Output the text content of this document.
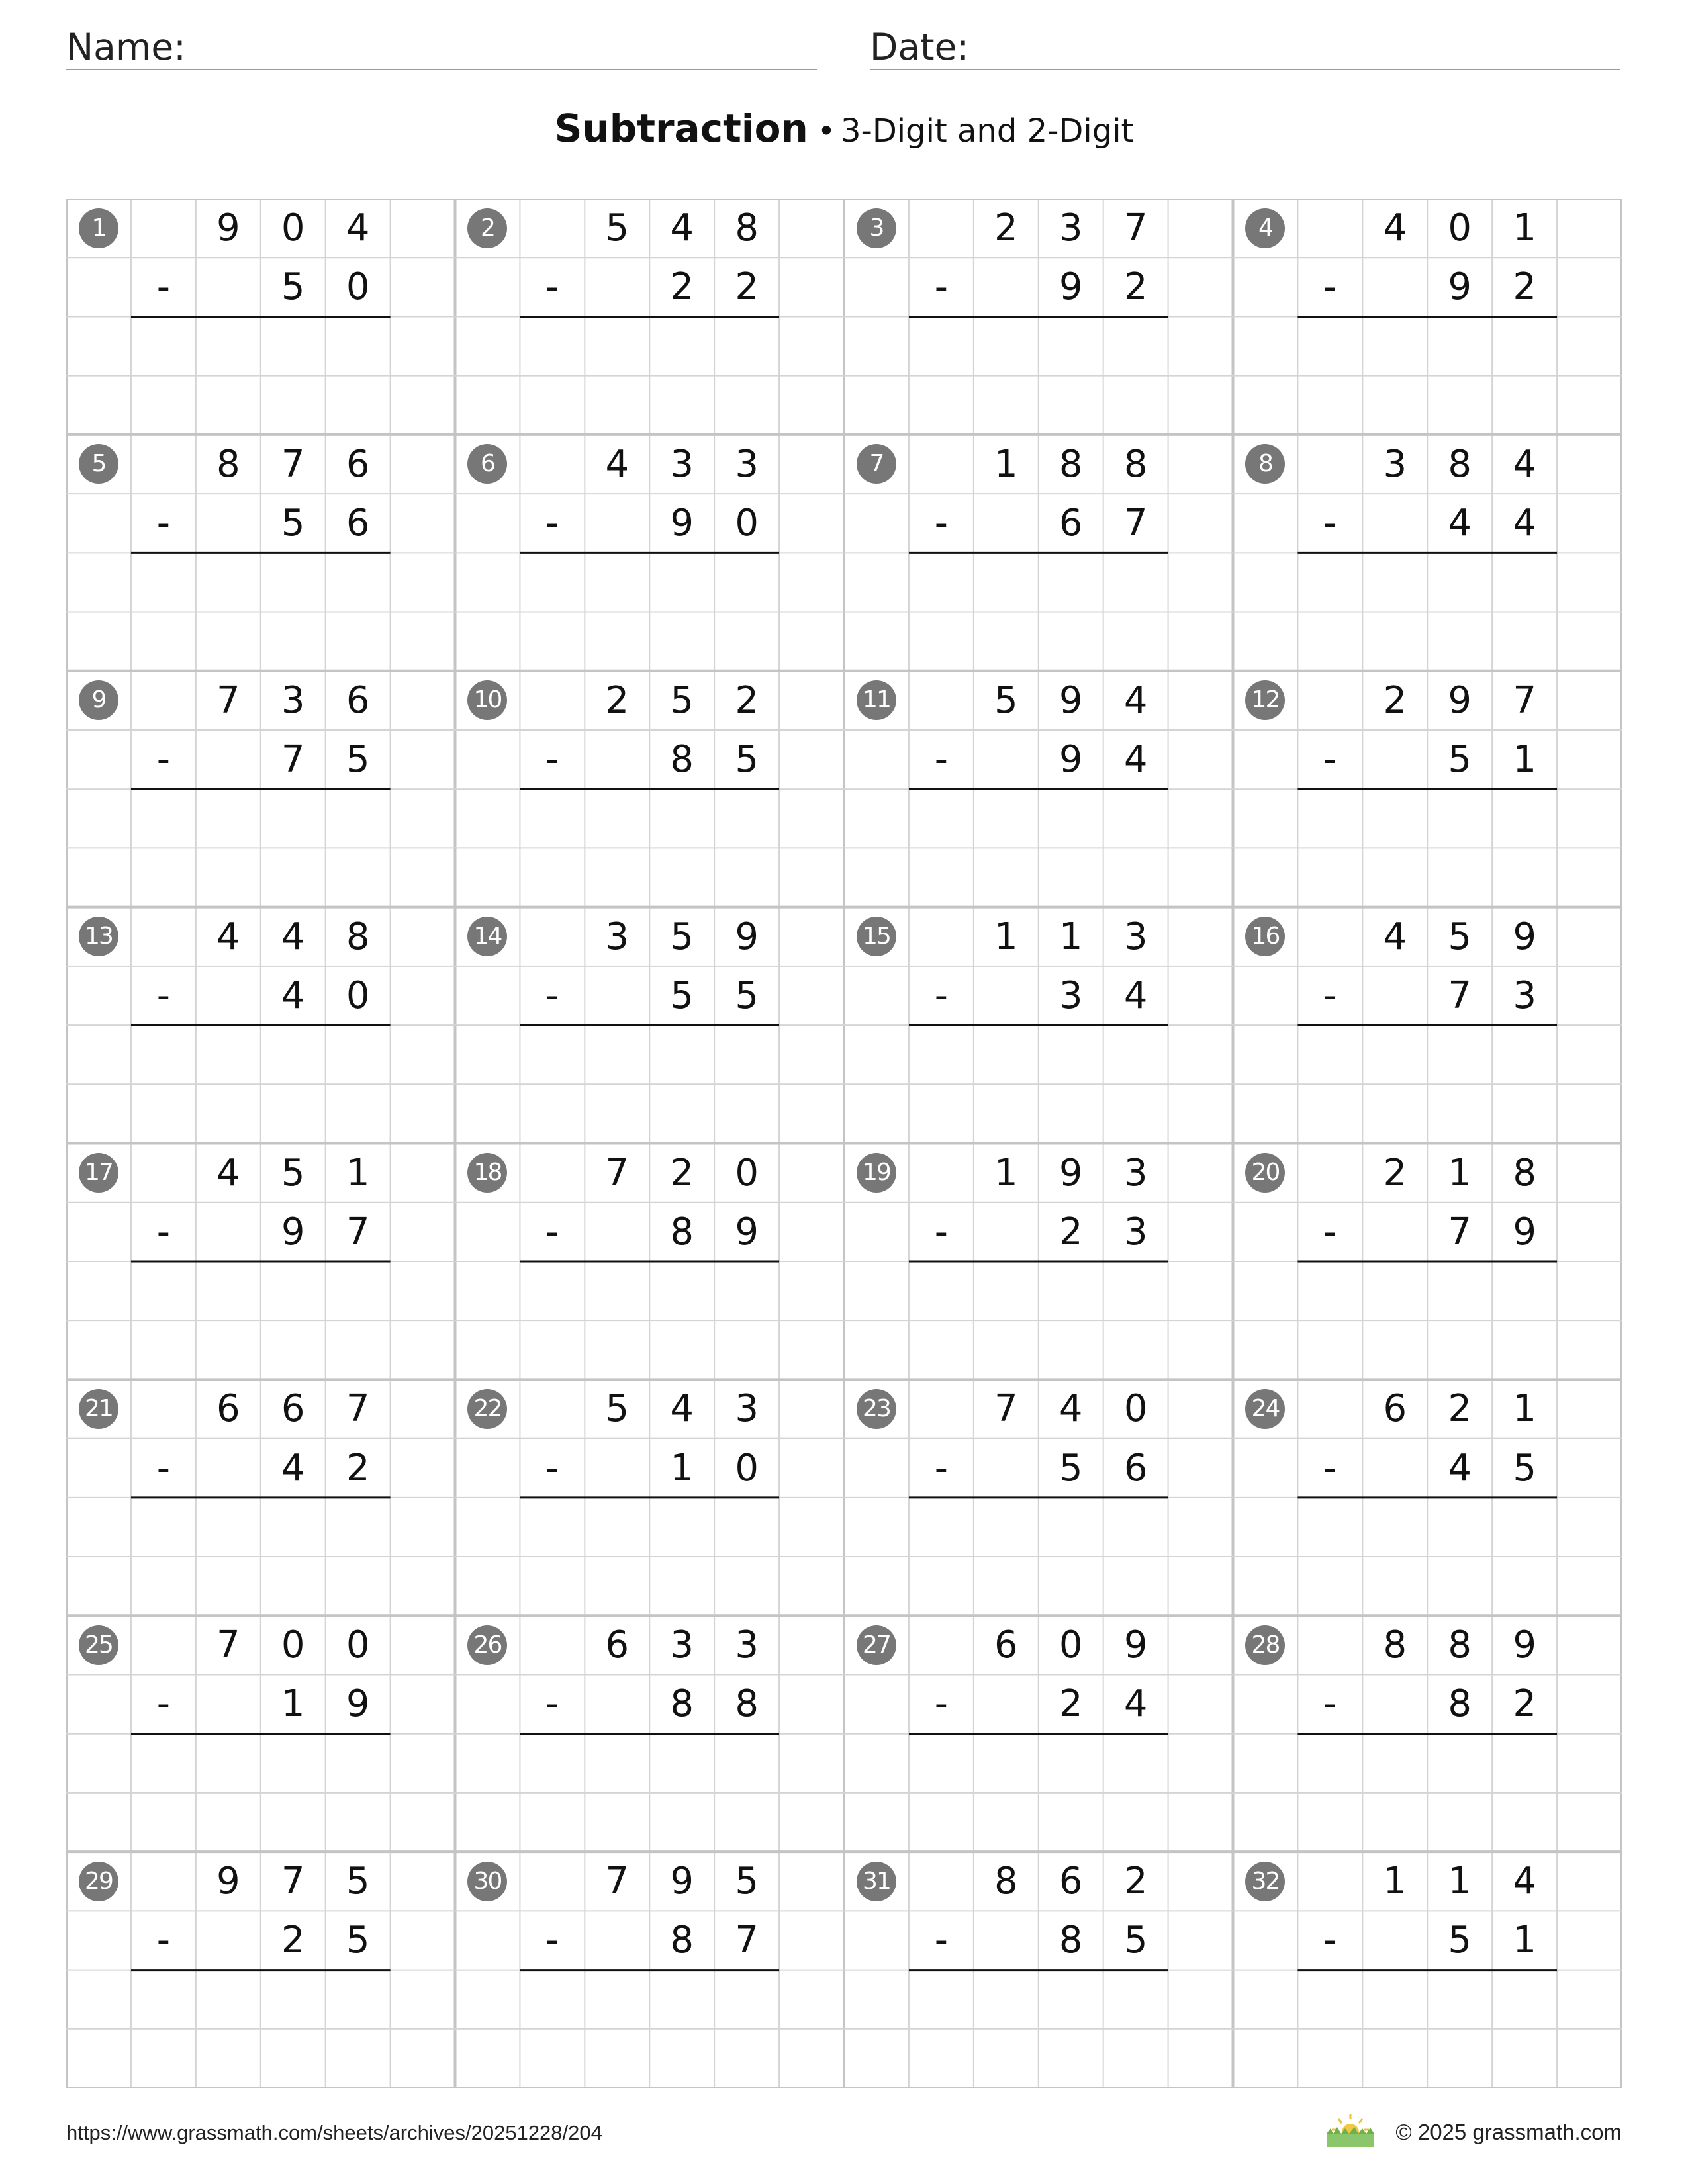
Name:	Date:
Subtraction • 3-Digit and 2-Digit
1	9	0	4
-	5	0
2	5	4	8
-	2	2
3	2	3	7
-	9	2
4	4	0	1
-	9	2
5	8	7	6
-	5	6
6	4	3	3
-	9	0
7	1	8	8
-	6	7
8	3	8	4
-	4	4
9	7	3	6
-	7	5
10	2	5	2
-	8	5
11	5	9	4
-	9	4
12	2	9	7
-	5	1
13	4	4	8
-	4	0
14	3	5	9
-	5	5
15	1	1	3
-	3	4
16	4	5	9
-	7	3
17	4	5	1
-	9	7
18	7	2	0
-	8	9
19	1	9	3
-	2	3
20	2	1	8
-	7	9
21	6	6	7
-	4	2
22	5	4	3
-	1	0
23	7	4	0
-	5	6
24	6	2	1
-	4	5
25	7	0	0
-	1	9
26	6	3	3
-	8	8
27	6	0	9
-	2	4
28	8	8	9
-	8	2
29	9	7	5
-	2	5
30	7	9	5
-	8	7
31	8	6	2
-	8	5
32	1	1	4
-	5	1
https://www.grassmath.com/sheets/archives/20251228/204	© 2025 grassmath.com
